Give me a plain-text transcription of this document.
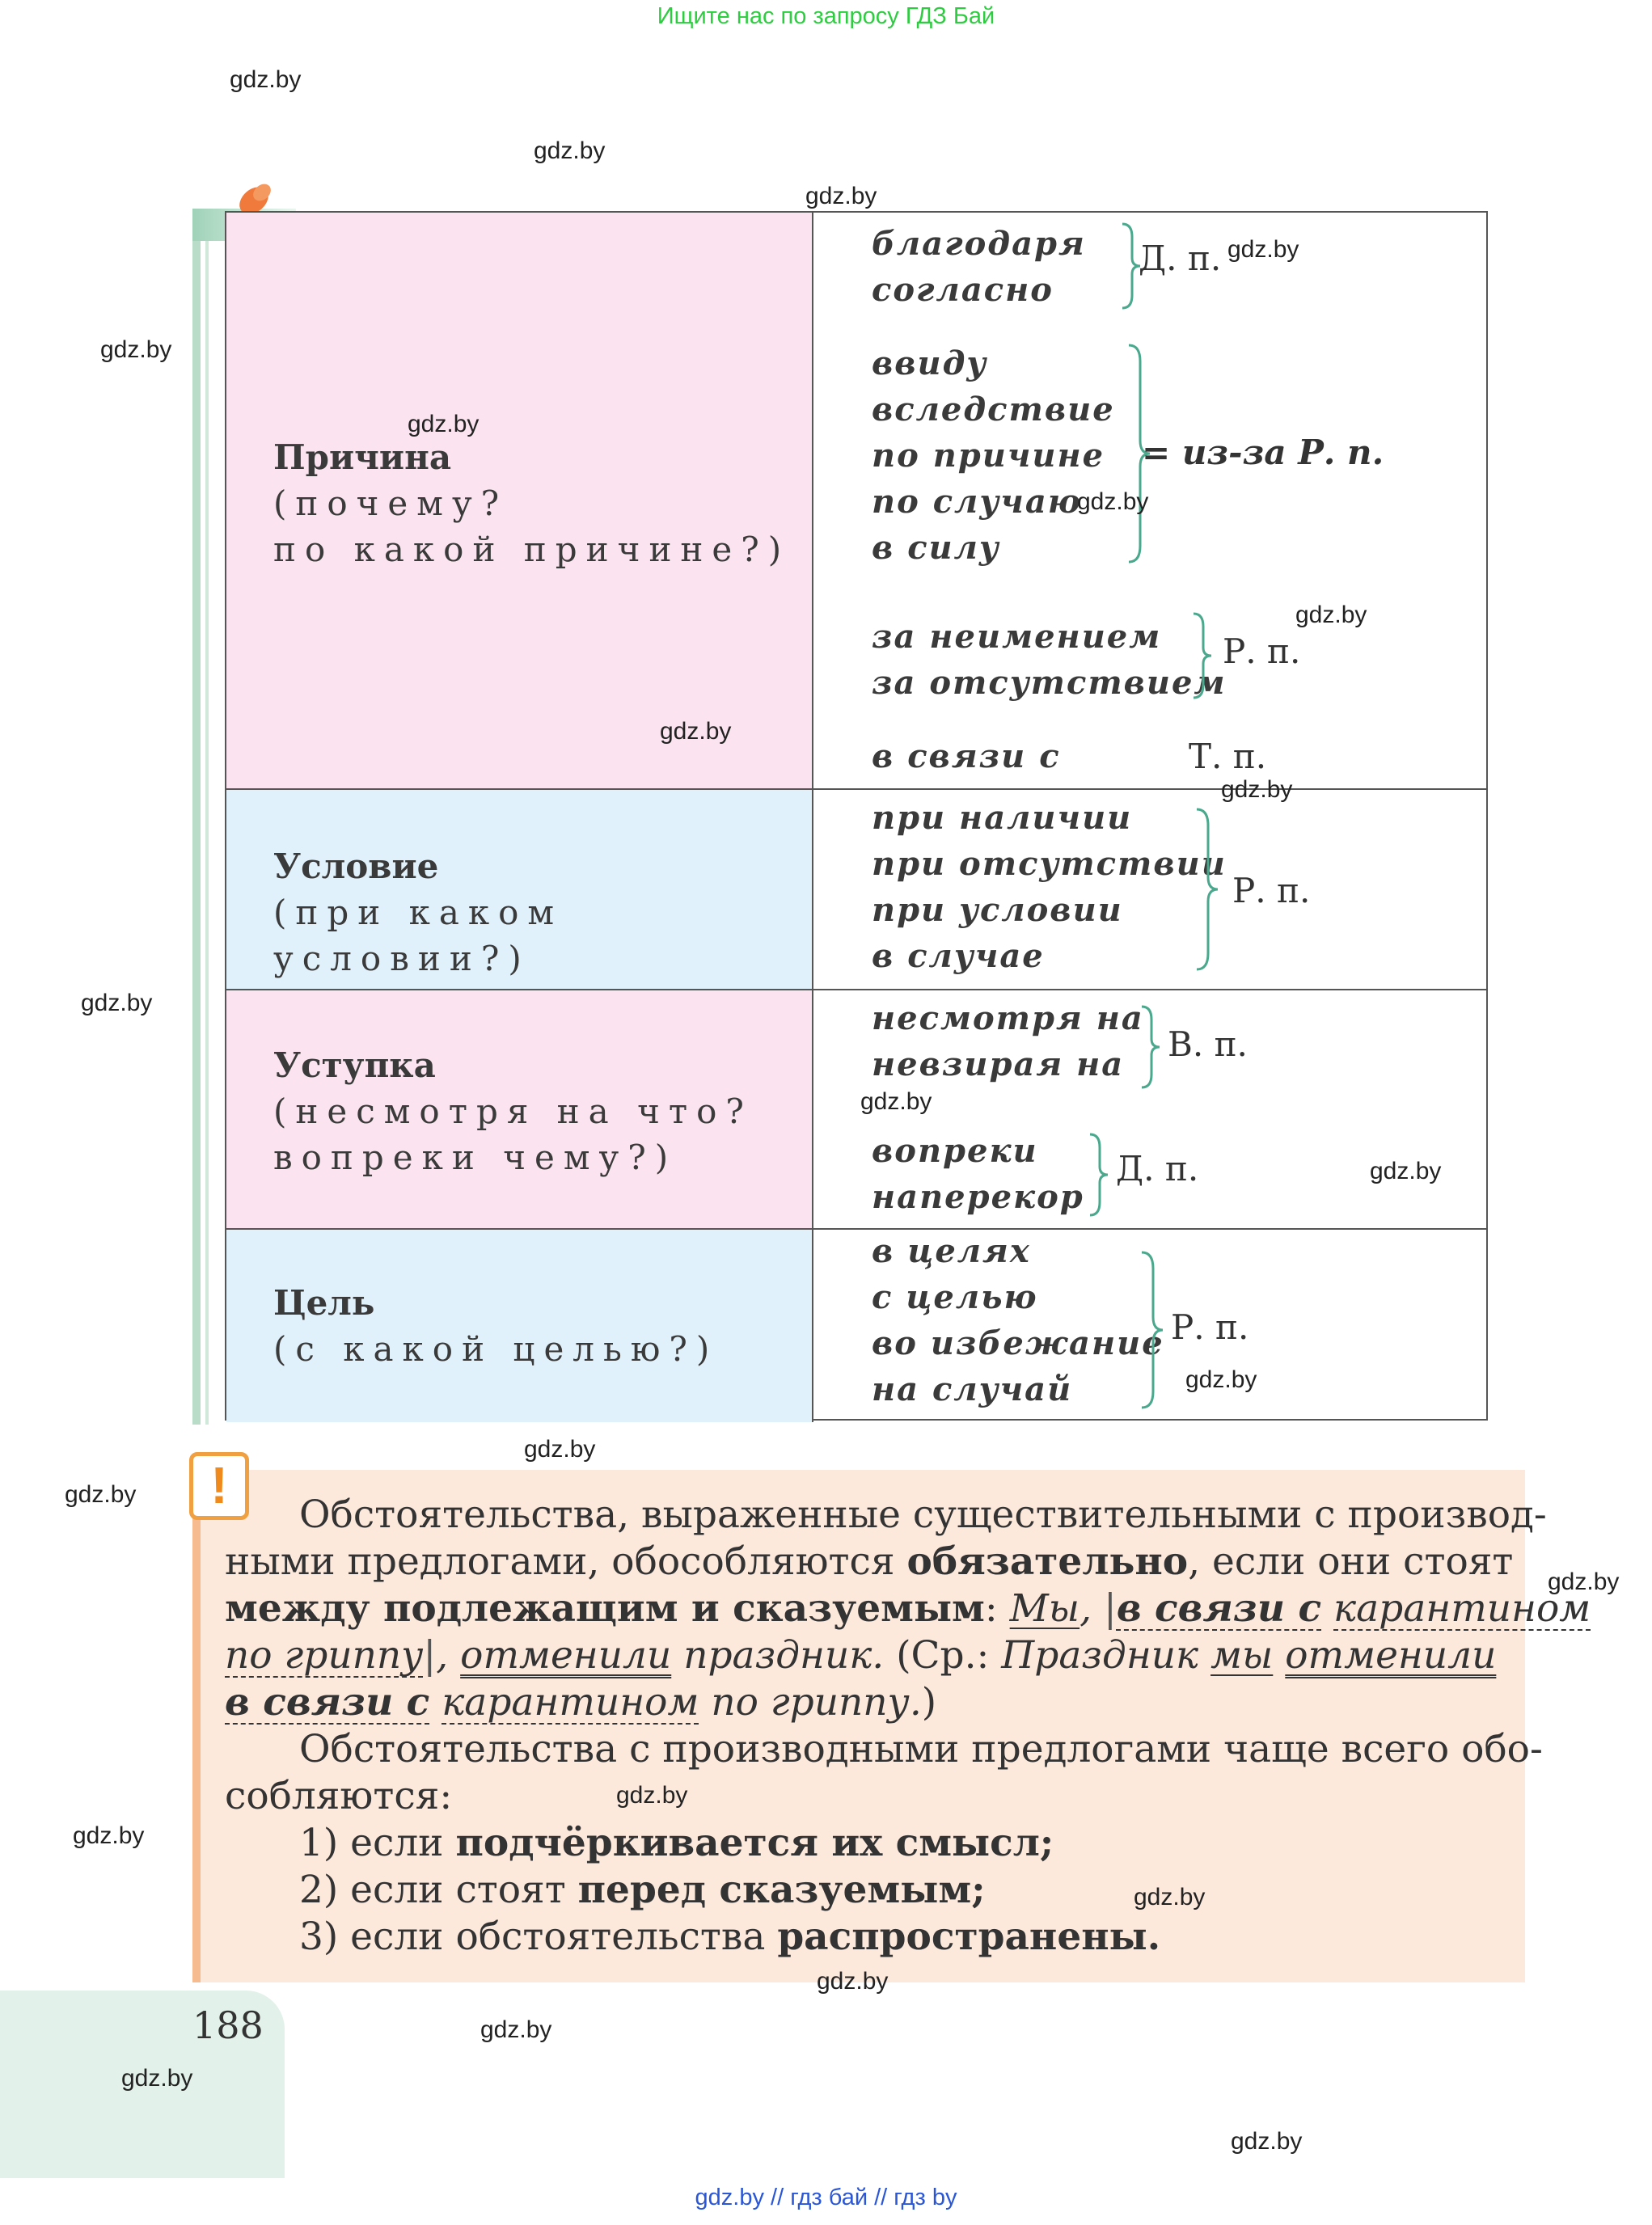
Ищите нас по запросу ГДЗ Бай
Причина
(почему?
по какой причине?)
благодаря
согласно
Д. п.
ввиду
вследствие
по причине
по случаю
в силу
= из-за Р. п.
за неимением
за отсутствием
Р. п.
в связи с	Т. п.
Условие
(при каком условии?)
при наличии
при отсутствии
при условии
в случае
Р. п.
Уступка
(несмотря на что?
вопреки чему?)
несмотря на
невзирая на
В. п.
вопреки
наперекор
Д. п.
Цель
(с какой целью?)
в целях
с целью
во избежание
на случай
Р. п.
!
Обстоятельства, выраженные существительными с производ-
ными предлогами, обособляются обязательно, если они стоят
между подлежащим и сказуемым: Мы, |в связи с карантином
по гриппу|, отменили праздник. (Ср.: Праздник мы отменили
в связи с карантином по гриппу.)
Обстоятельства с производными предлогами чаще всего обо-
собляются:
1) если подчёркивается их смысл;
2) если стоят перед сказуемым;
3) если обстоятельства распространены.
188
gdz.by
gdz.by
gdz.by
gdz.by
gdz.by
gdz.by
gdz.by
gdz.by
gdz.by
gdz.by
gdz.by
gdz.by
gdz.by
gdz.by
gdz.by
gdz.by
gdz.by
gdz.by
gdz.by
gdz.by
gdz.by
gdz.by
gdz.by
gdz.by
gdz.by // гдз бай // гдз by
